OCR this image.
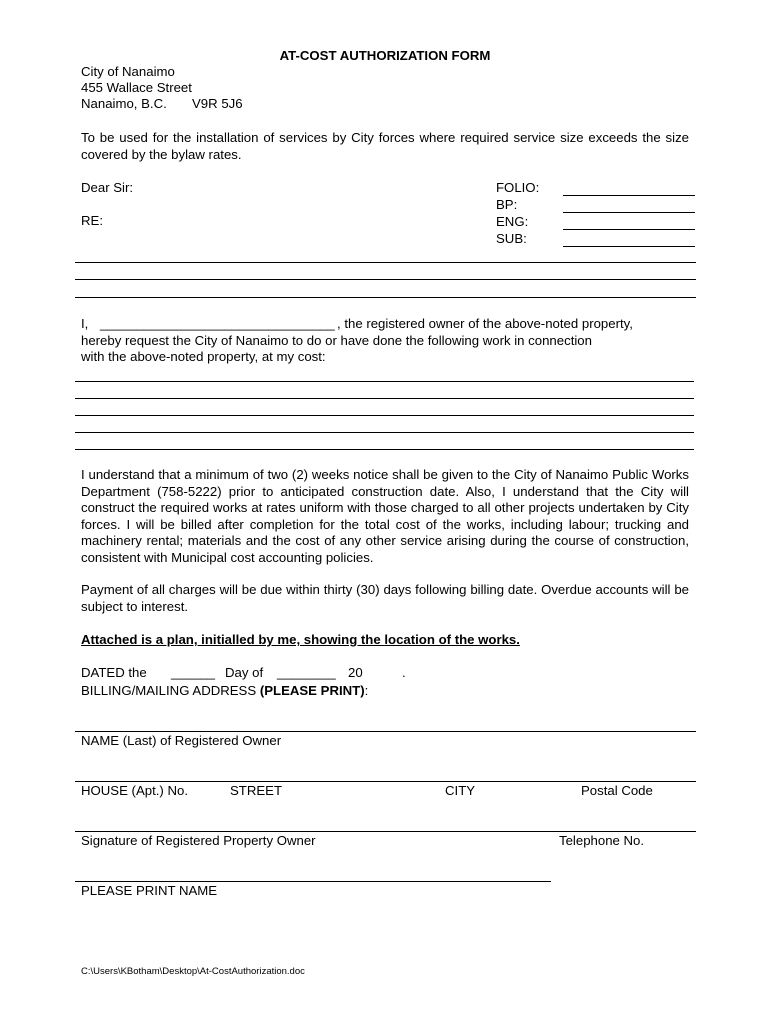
AT-COST AUTHORIZATION FORM
City of Nanaimo
455 Wallace Street
Nanaimo, B.C. V9R 5J6
To be used for the installation of services by City forces where required service size exceeds the size covered by the bylaw rates.
Dear Sir:
RE:
FOLIO:
BP:
ENG:
SUB:
I, ________________________________ , the registered owner of the above-noted property,
hereby request the City of Nanaimo to do or have done the following work in connection
with the above-noted property, at my cost:
I understand that a minimum of two (2) weeks notice shall be given to the City of Nanaimo Public Works Department (758-5222) prior to anticipated construction date. Also, I understand that the City will construct the required works at rates uniform with those charged to all other projects undertaken by City forces. I will be billed after completion for the total cost of the works, including labour; trucking and machinery rental; materials and the cost of any other service arising during the course of construction, consistent with Municipal cost accounting policies.
Payment of all charges will be due within thirty (30) days following billing date. Overdue accounts will be subject to interest.
Attached is a plan, initialled by me, showing the location of the works.
DATED the ______ Day of ________ 20	.
BILLING/MAILING ADDRESS (PLEASE PRINT):
NAME (Last) of Registered Owner
HOUSE (Apt.) No.	STREET	CITY	Postal Code
Signature of Registered Property Owner	Telephone No.
PLEASE PRINT NAME
C:\Users\KBotham\Desktop\At-CostAuthorization.doc
